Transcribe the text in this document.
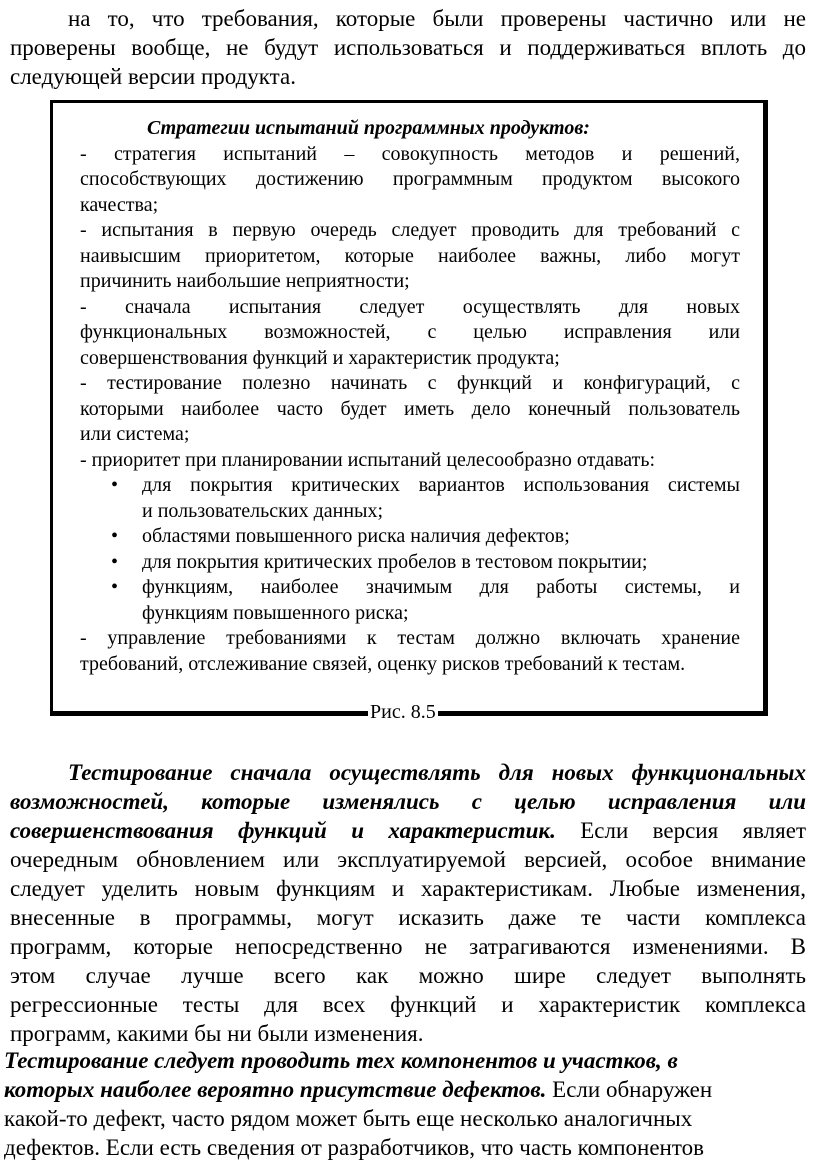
на то, что требования, которые были проверены частично или не
проверены вообще, не будут использоваться и поддерживаться вплоть до
следующей версии продукта.
Стратегии испытаний программных продуктов:
- стратегия испытаний – совокупность методов и решений,
способствующих достижению программным продуктом высокого
качества;
- испытания в первую очередь следует проводить для требований с
наивысшим приоритетом, которые наиболее важны, либо могут
причинить наибольшие неприятности;
- сначала испытания следует осуществлять для новых
функциональных возможностей, с целью исправления или
совершенствования функций и характеристик продукта;
- тестирование полезно начинать с функций и конфигураций, с
которыми наиболее часто будет иметь дело конечный пользователь
или система;
- приоритет при планировании испытаний целесообразно отдавать:
• для покрытия критических вариантов использования системы
и пользовательских данных;
• областями повышенного риска наличия дефектов;
• для покрытия критических пробелов в тестовом покрытии;
• функциям, наиболее значимым для работы системы, и
функциям повышенного риска;
- управление требованиями к тестам должно включать хранение
требований, отслеживание связей, оценку рисков требований к тестам.
Рис. 8.5
Тестирование сначала осуществлять для новых функциональных
возможностей, которые изменялись с целью исправления или
совершенствования функций и характеристик. Если версия являет
очередным обновлением или эксплуатируемой версией, особое внимание
следует уделить новым функциям и характеристикам. Любые изменения,
внесенные в программы, могут исказить даже те части комплекса
программ, которые непосредственно не затрагиваются изменениями. В
этом случае лучше всего как можно шире следует выполнять
регрессионные тесты для всех функций и характеристик комплекса
программ, какими бы ни были изменения.
Тестирование следует проводить тех компонентов и участков, в
которых наиболее вероятно присутствие дефектов. Если обнаружен
какой-то дефект, часто рядом может быть еще несколько аналогичных
дефектов. Если есть сведения от разработчиков, что часть компонентов
